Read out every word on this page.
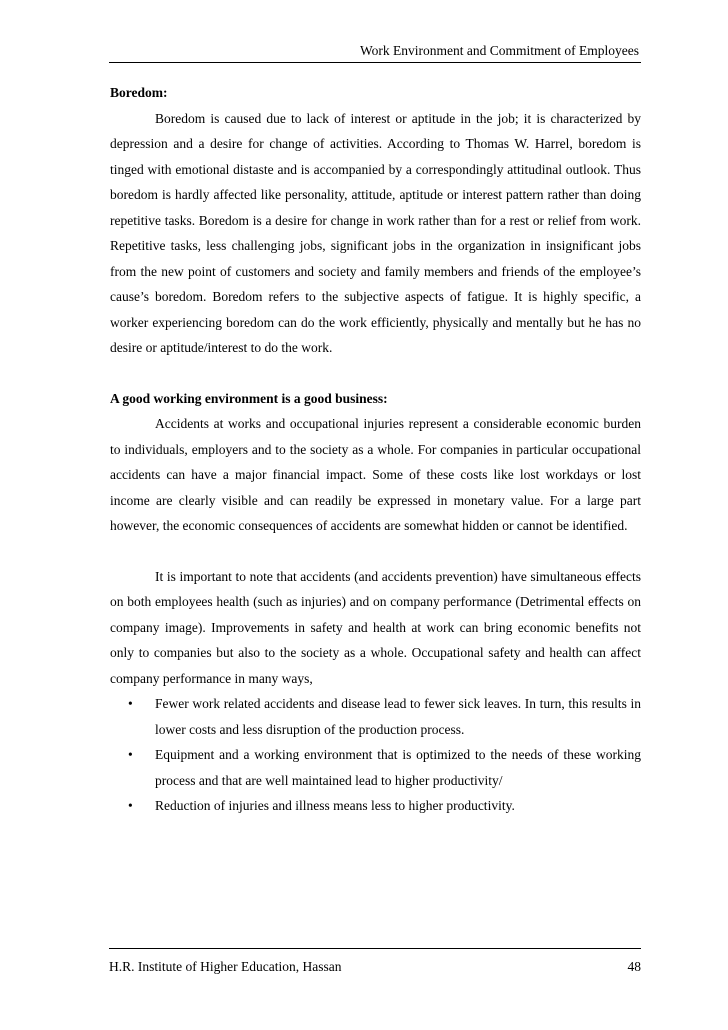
Work Environment and Commitment of Employees

Boredom:

Boredom is caused due to lack of interest or aptitude in the job; it is characterized by depression and a desire for change of activities. According to Thomas W. Harrel, boredom is tinged with emotional distaste and is accompanied by a correspondingly attitudinal outlook. Thus boredom is hardly affected like personality, attitude, aptitude or interest pattern rather than doing repetitive tasks. Boredom is a desire for change in work rather than for a rest or relief from work. Repetitive tasks, less challenging jobs, significant jobs in the organization in insignificant jobs from the new point of customers and society and family members and friends of the employee’s cause’s boredom. Boredom refers to the subjective aspects of fatigue. It is highly specific, a worker experiencing boredom can do the work efficiently, physically and mentally but he has no desire or aptitude/interest to do the work.

A good working environment is a good business:

Accidents at works and occupational injuries represent a considerable economic burden to individuals, employers and to the society as a whole. For companies in particular occupational accidents can have a major financial impact. Some of these costs like lost workdays or lost income are clearly visible and can readily be expressed in monetary value. For a large part however, the economic consequences of accidents are somewhat hidden or cannot be identified.

It is important to note that accidents (and accidents prevention) have simultaneous effects on both employees health (such as injuries) and on company performance (Detrimental effects on company image). Improvements in safety and health at work can bring economic benefits not only to companies but also to the society as a whole. Occupational safety and health can affect company performance in many ways,

• Fewer work related accidents and disease lead to fewer sick leaves. In turn, this results in lower costs and less disruption of the production process.
• Equipment and a working environment that is optimized to the needs of these working process and that are well maintained lead to higher productivity/
• Reduction of injuries and illness means less to higher productivity.
H.R. Institute of Higher Education, Hassan	48
